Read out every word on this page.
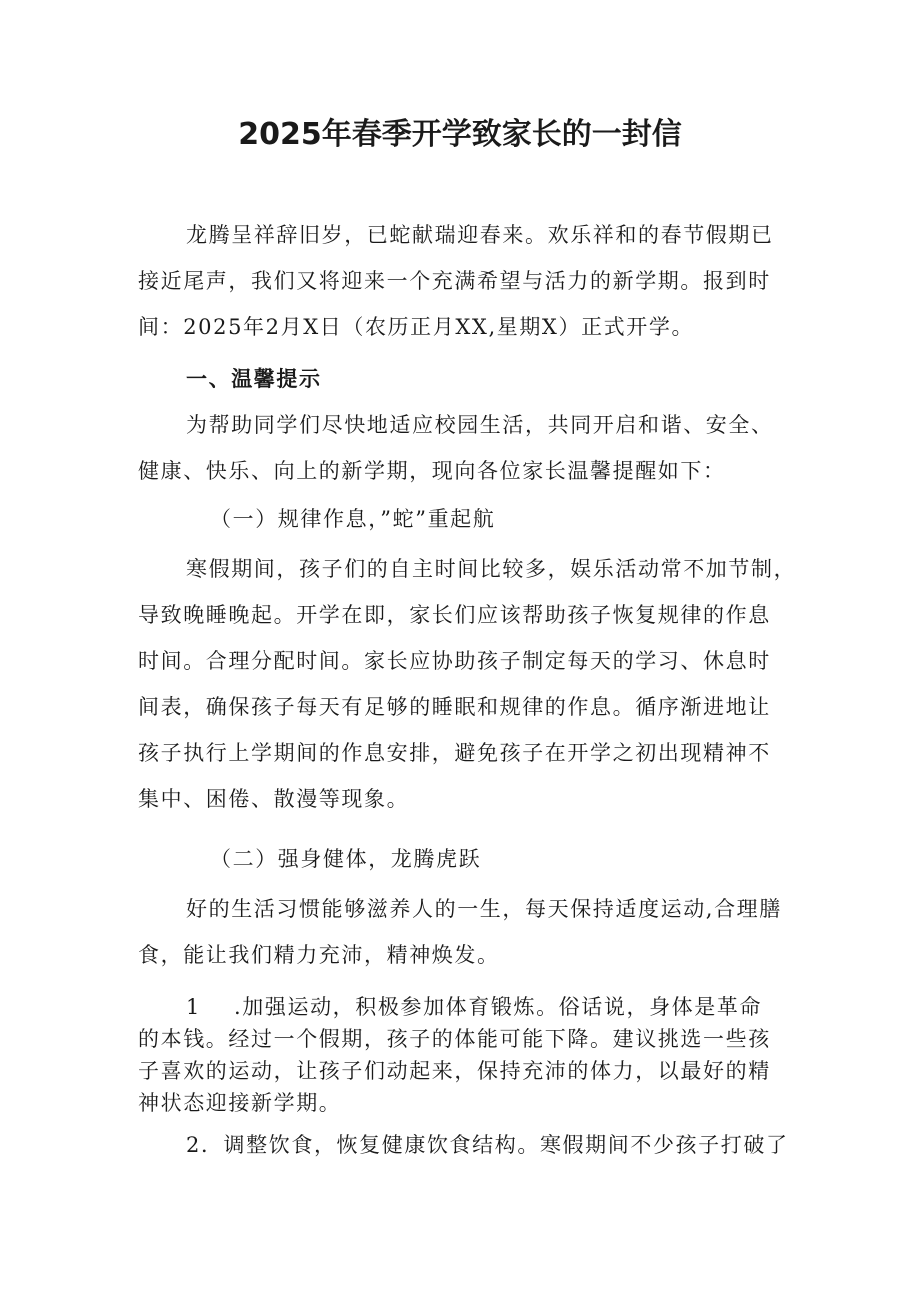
2025年春季开学致家长的一封信
龙腾呈祥辞旧岁，已蛇献瑞迎春来。欢乐祥和的春节假期已
接近尾声，我们又将迎来一个充满希望与活力的新学期。报到时
间：2025年2月X日（农历正月XX,星期X）正式开学。
一、温馨提示
为帮助同学们尽快地适应校园生活，共同开启和谐、安全、
健康、快乐、向上的新学期，现向各位家长温馨提醒如下：
（一）规律作息，”蛇”重起航
寒假期间，孩子们的自主时间比较多，娱乐活动常不加节制，
导致晚睡晚起。开学在即，家长们应该帮助孩子恢复规律的作息
时间。合理分配时间。家长应协助孩子制定每天的学习、休息时
间表，确保孩子每天有足够的睡眠和规律的作息。循序渐进地让
孩子执行上学期间的作息安排，避免孩子在开学之初出现精神不
集中、困倦、散漫等现象。
（二）强身健体，龙腾虎跃
好的生活习惯能够滋养人的一生，每天保持适度运动,合理膳
食，能让我们精力充沛，精神焕发。
1 .加强运动，积极参加体育锻炼。俗话说，身体是革命
的本钱。经过一个假期，孩子的体能可能下降。建议挑选一些孩
子喜欢的运动，让孩子们动起来，保持充沛的体力，以最好的精
神状态迎接新学期。
2．调整饮食，恢复健康饮食结构。寒假期间不少孩子打破了
